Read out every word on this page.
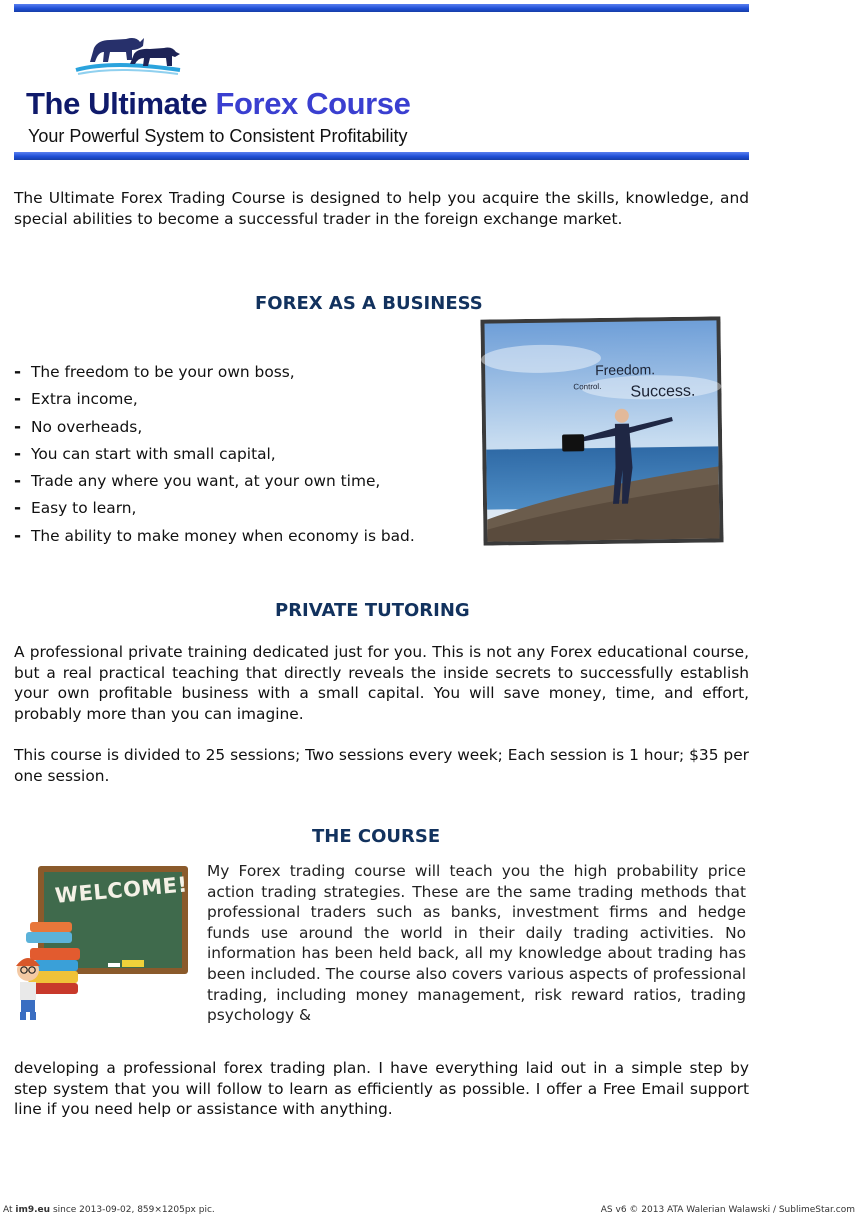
The Ultimate Forex Course

Your Powerful System to Consistent Profitability

The Ultimate Forex Trading Course is designed to help you acquire the skills, knowledge, and special abilities to become a successful trader in the foreign exchange market.

FOREX AS A BUSINESS
- The freedom to be your own boss,
- Extra income,
- No overheads,
- You can start with small capital,
- Trade any where you want, at your own time,
- Easy to learn,
- The ability to make money when economy is bad.
Freedom.
Control. Success.
PRIVATE TUTORING

A professional private training dedicated just for you. This is not any Forex educational course, but a real practical teaching that directly reveals the inside secrets to successfully establish your own profitable business with a small capital. You will save money, time, and effort, probably more than you can imagine.

This course is divided to 25 sessions; Two sessions every week; Each session is 1 hour; $35 per one session.

THE COURSE
WELCOME!

My Forex trading course will teach you the high probability price action trading strategies. These are the same trading methods that professional traders such as banks, investment firms and hedge funds use around the world in their daily trading activities. No information has been held back, all my knowledge about trading has been included. The course also covers various aspects of professional trading, including money management, risk reward ratios, trading psychology &

developing a professional forex trading plan. I have everything laid out in a simple step by step system that you will follow to learn as efficiently as possible. I offer a Free Email support line if you need help or assistance with anything.

At im9.eu since 2013-09-02, 859×1205px pic.	AS v6 © 2013 ATA Walerian Walawski / SublimeStar.com
